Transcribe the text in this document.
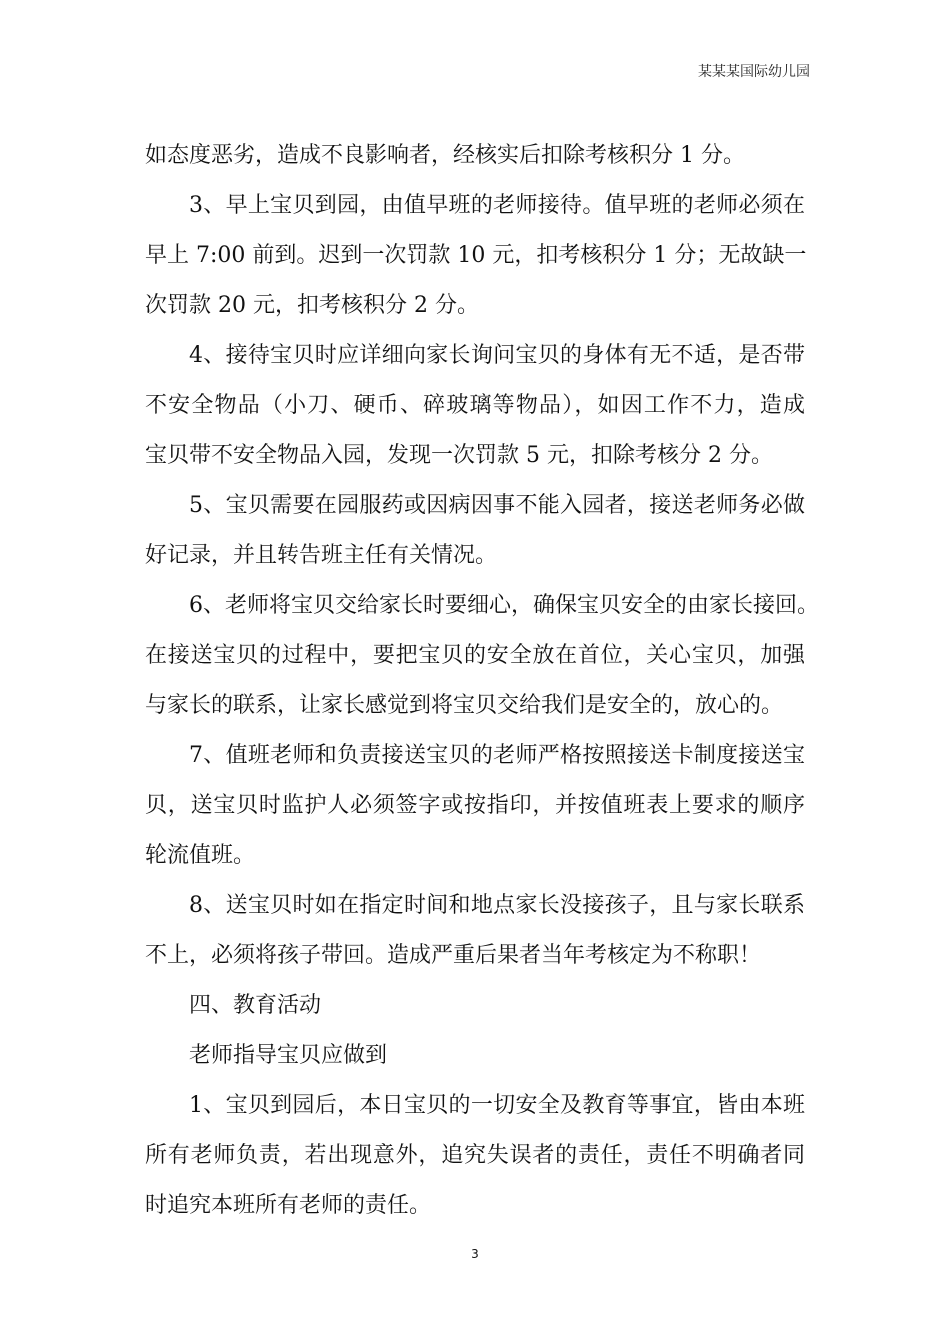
某某某国际幼儿园
如态度恶劣，造成不良影响者，经核实后扣除考核积分 1 分。
3、早上宝贝到园，由值早班的老师接待。值早班的老师必须在
早上 7:00 前到。迟到一次罚款 10 元，扣考核积分 1 分；无故缺一
次罚款 20 元，扣考核积分 2 分。
4、接待宝贝时应详细向家长询问宝贝的身体有无不适，是否带
不安全物品（小刀、硬币、碎玻璃等物品），如因工作不力，造成
宝贝带不安全物品入园，发现一次罚款 5 元，扣除考核分 2 分。
5、宝贝需要在园服药或因病因事不能入园者，接送老师务必做
好记录，并且转告班主任有关情况。
6、老师将宝贝交给家长时要细心，确保宝贝安全的由家长接回。
在接送宝贝的过程中，要把宝贝的安全放在首位，关心宝贝，加强
与家长的联系，让家长感觉到将宝贝交给我们是安全的，放心的。
7、值班老师和负责接送宝贝的老师严格按照接送卡制度接送宝
贝，送宝贝时监护人必须签字或按指印，并按值班表上要求的顺序
轮流值班。
8、送宝贝时如在指定时间和地点家长没接孩子，且与家长联系
不上，必须将孩子带回。造成严重后果者当年考核定为不称职！
四、教育活动
老师指导宝贝应做到
1、宝贝到园后，本日宝贝的一切安全及教育等事宜，皆由本班
所有老师负责，若出现意外，追究失误者的责任，责任不明确者同
时追究本班所有老师的责任。
3
